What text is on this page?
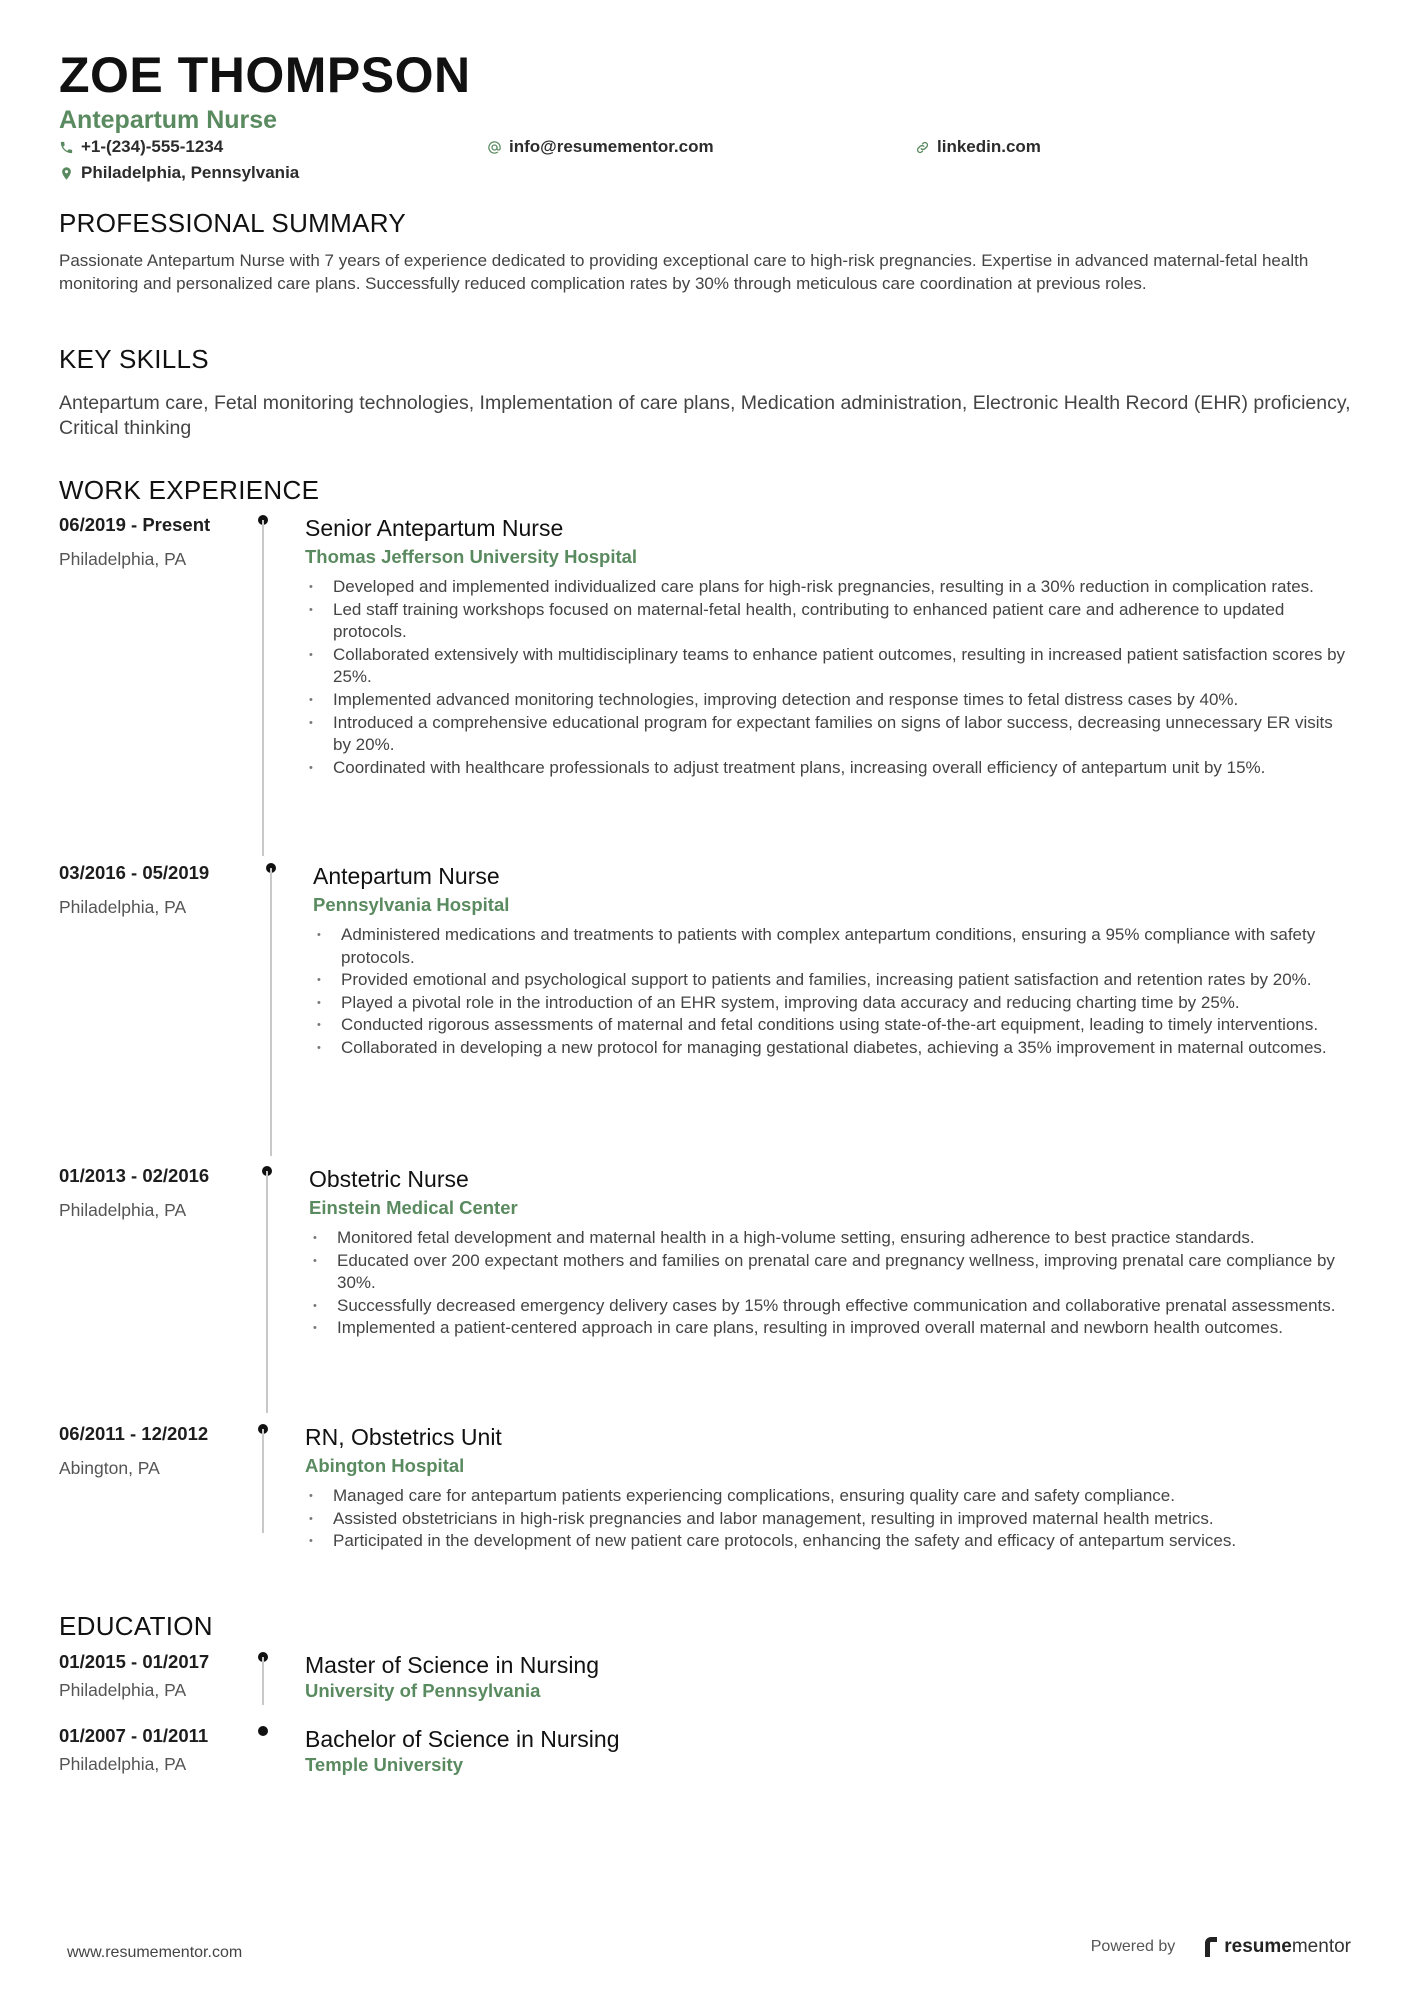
ZOE THOMPSON
Antepartum Nurse
+1-(234)-555-1234	info@resumementor.com	linkedin.com
Philadelphia, Pennsylvania
PROFESSIONAL SUMMARY
Passionate Antepartum Nurse with 7 years of experience dedicated to providing exceptional care to high-risk pregnancies. Expertise in advanced maternal-fetal health monitoring and personalized care plans. Successfully reduced complication rates by 30% through meticulous care coordination at previous roles.
KEY SKILLS
Antepartum care, Fetal monitoring technologies, Implementation of care plans, Medication administration, Electronic Health Record (EHR) proficiency, Critical thinking
WORK EXPERIENCE
06/2019 - Present
Philadelphia, PA
Senior Antepartum Nurse
Thomas Jefferson University Hospital
• Developed and implemented individualized care plans for high-risk pregnancies, resulting in a 30% reduction in complication rates.
• Led staff training workshops focused on maternal-fetal health, contributing to enhanced patient care and adherence to updated protocols.
• Collaborated extensively with multidisciplinary teams to enhance patient outcomes, resulting in increased patient satisfaction scores by 25%.
• Implemented advanced monitoring technologies, improving detection and response times to fetal distress cases by 40%.
• Introduced a comprehensive educational program for expectant families on signs of labor success, decreasing unnecessary ER visits by 20%.
• Coordinated with healthcare professionals to adjust treatment plans, increasing overall efficiency of antepartum unit by 15%.
03/2016 - 05/2019
Philadelphia, PA
Antepartum Nurse
Pennsylvania Hospital
• Administered medications and treatments to patients with complex antepartum conditions, ensuring a 95% compliance with safety protocols.
• Provided emotional and psychological support to patients and families, increasing patient satisfaction and retention rates by 20%.
• Played a pivotal role in the introduction of an EHR system, improving data accuracy and reducing charting time by 25%.
• Conducted rigorous assessments of maternal and fetal conditions using state-of-the-art equipment, leading to timely interventions.
• Collaborated in developing a new protocol for managing gestational diabetes, achieving a 35% improvement in maternal outcomes.
01/2013 - 02/2016
Philadelphia, PA
Obstetric Nurse
Einstein Medical Center
• Monitored fetal development and maternal health in a high-volume setting, ensuring adherence to best practice standards.
• Educated over 200 expectant mothers and families on prenatal care and pregnancy wellness, improving prenatal care compliance by 30%.
• Successfully decreased emergency delivery cases by 15% through effective communication and collaborative prenatal assessments.
• Implemented a patient-centered approach in care plans, resulting in improved overall maternal and newborn health outcomes.
06/2011 - 12/2012
Abington, PA
RN, Obstetrics Unit
Abington Hospital
• Managed care for antepartum patients experiencing complications, ensuring quality care and safety compliance.
• Assisted obstetricians in high-risk pregnancies and labor management, resulting in improved maternal health metrics.
• Participated in the development of new patient care protocols, enhancing the safety and efficacy of antepartum services.
EDUCATION
01/2015 - 01/2017
Philadelphia, PA
Master of Science in Nursing
University of Pennsylvania
01/2007 - 01/2011
Philadelphia, PA
Bachelor of Science in Nursing
Temple University
www.resumementor.com	Powered by	resumementor
